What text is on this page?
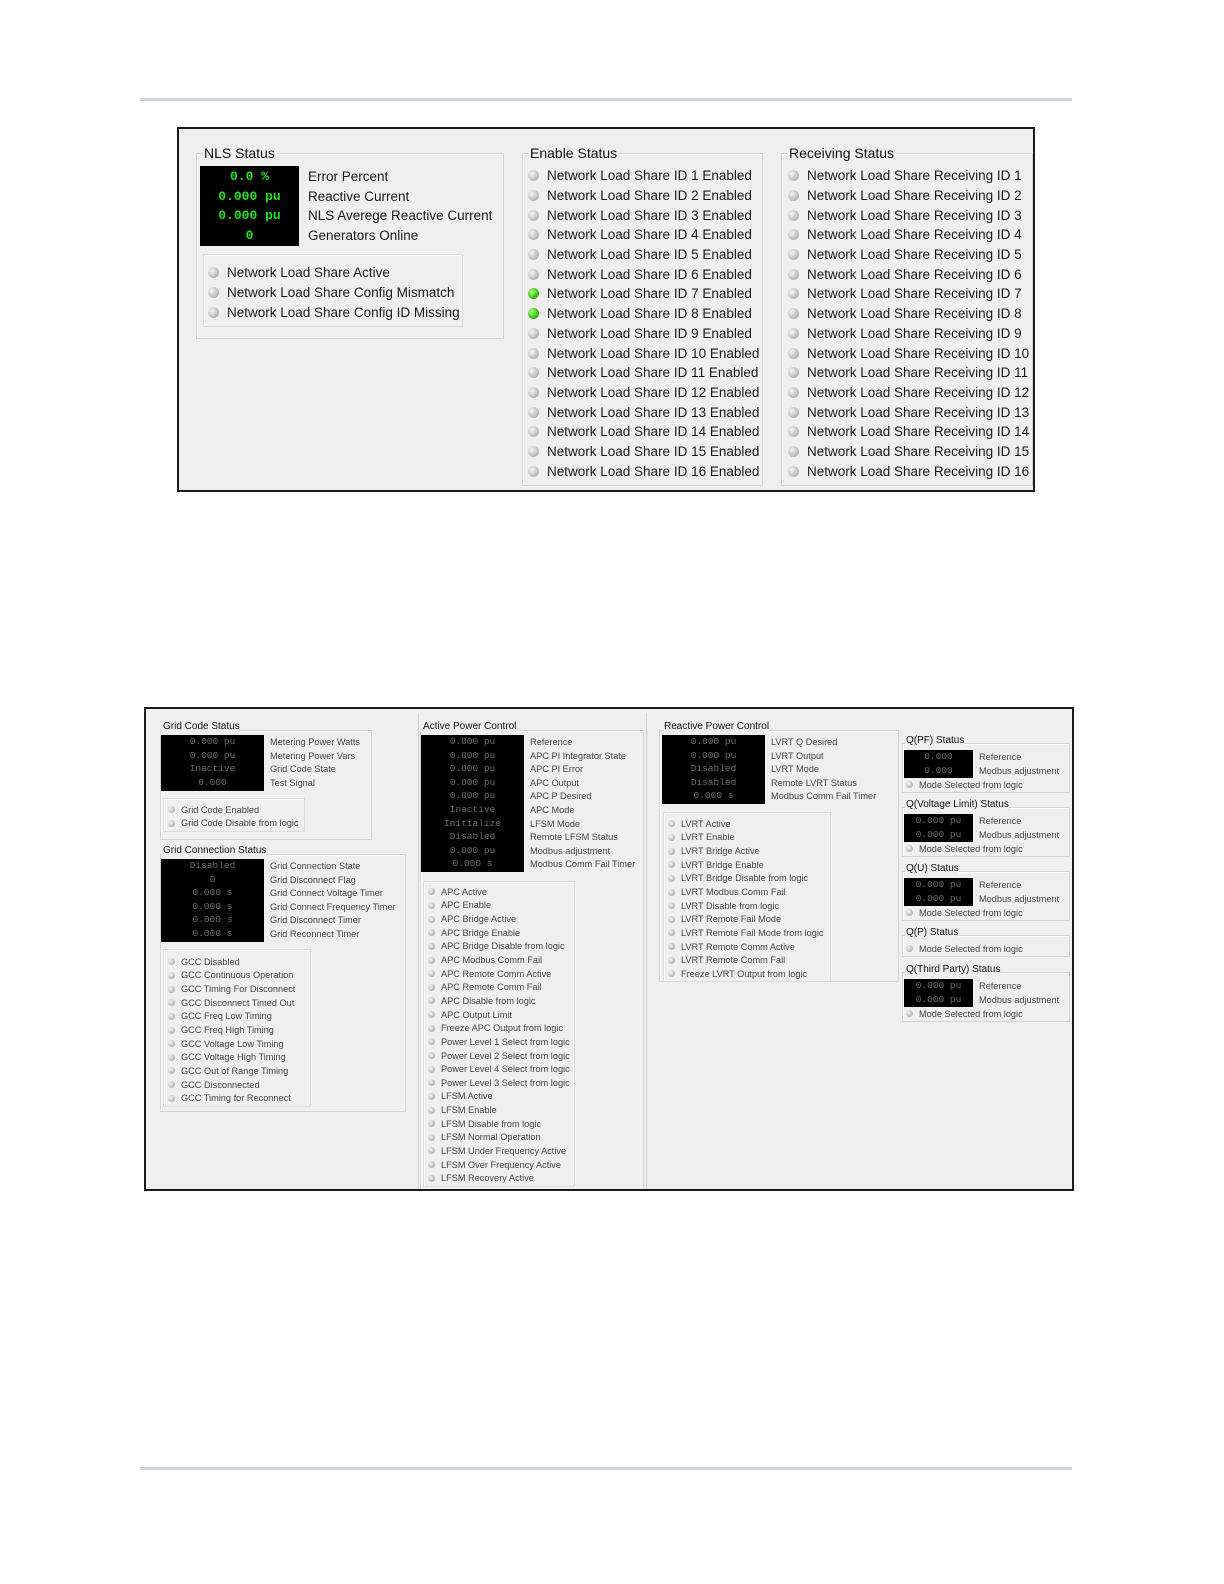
NLS Status
0.0 %
0.000 pu
0.000 pu
0
Error Percent
Reactive Current
NLS Averege Reactive Current
Generators Online
Network Load Share Active
Network Load Share Config Mismatch
Network Load Share Config ID Missing
Enable Status
Network Load Share ID 1 Enabled
Network Load Share ID 2 Enabled
Network Load Share ID 3 Enabled
Network Load Share ID 4 Enabled
Network Load Share ID 5 Enabled
Network Load Share ID 6 Enabled
Network Load Share ID 7 Enabled
Network Load Share ID 8 Enabled
Network Load Share ID 9 Enabled
Network Load Share ID 10 Enabled
Network Load Share ID 11 Enabled
Network Load Share ID 12 Enabled
Network Load Share ID 13 Enabled
Network Load Share ID 14 Enabled
Network Load Share ID 15 Enabled
Network Load Share ID 16 Enabled
Receiving Status
Network Load Share Receiving ID 1
Network Load Share Receiving ID 2
Network Load Share Receiving ID 3
Network Load Share Receiving ID 4
Network Load Share Receiving ID 5
Network Load Share Receiving ID 6
Network Load Share Receiving ID 7
Network Load Share Receiving ID 8
Network Load Share Receiving ID 9
Network Load Share Receiving ID 10
Network Load Share Receiving ID 11
Network Load Share Receiving ID 12
Network Load Share Receiving ID 13
Network Load Share Receiving ID 14
Network Load Share Receiving ID 15
Network Load Share Receiving ID 16
Grid Code Status
0.000 pu
0.000 pu
Inactive
0.000
Metering Power Watts
Metering Power Vars
Grid Code State
Test Signal
Grid Code Enabled
Grid Code Disable from logic
Grid Connection Status
Disabled
0
0.000 s
0.000 s
0.000 s
0.000 s
Grid Connection State
Grid Disconnect Flag
Grid Connect Voltage Timer
Grid Connect Frequency Timer
Grid Disconnect Timer
Grid Reconnect Timer
GCC Disabled
GCC Continuous Operation
GCC Timing For Disconnect
GCC Disconnect Timed Out
GCC Freq Low Timing
GCC Freq High Timing
GCC Voltage Low Timing
GCC Voltage High Timing
GCC Out of Range Timing
GCC Disconnected
GCC Timing for Reconnect
Active Power Control
0.000 pu
0.000 pu
0.000 pu
0.000 pu
0.000 pu
Inactive
Initialize
Disabled
0.000 pu
0.000 s
Reference
APC PI Integrator State
APC PI Error
APC Output
APC P Desired
APC Mode
LFSM Mode
Remote LFSM Status
Modbus adjustment
Modbus Comm Fail Timer
APC Active
APC Enable
APC Bridge Active
APC Bridge Enable
APC Bridge Disable from logic
APC Modbus Comm Fail
APC Remote Comm Active
APC Remote Comm Fail
APC Disable from logic
APC Output Limit
Freeze APC Output from logic
Power Level 1 Select from logic
Power Level 2 Select from logic
Power Level 4 Select from logic
Power Level 3 Select from logic
LFSM Active
LFSM Enable
LFSM Disable from logic
LFSM Normal Operation
LFSM Under Frequency Active
LFSM Over Frequency Active
LFSM Recovery Active
Reactive Power Control
0.000 pu
0.000 pu
Disabled
Disabled
0.000 s
LVRT Q Desired
LVRT Output
LVRT Mode
Remote LVRT Status
Modbus Comm Fail Timer
LVRT Active
LVRT Enable
LVRT Bridge Active
LVRT Bridge Enable
LVRT Bridge Disable from logic
LVRT Modbus Comm Fail
LVRT Disable from logic
LVRT Remote Fail Mode
LVRT Remote Fail Mode from logic
LVRT Remote Comm Active
LVRT Remote Comm Fail
Freeze LVRT Output from logic
Q(PF) Status
0.000
0.000
Reference
Modbus adjustment
Mode Selected from logic
Q(Voltage Limit) Status
0.000 pu
0.000 pu
Reference
Modbus adjustment
Mode Selected from logic
Q(U) Status
0.000 pu
0.000 pu
Reference
Modbus adjustment
Mode Selected from logic
Q(P) Status
Mode Selected from logic
Q(Third Party) Status
0.000 pu
0.000 pu
Reference
Modbus adjustment
Mode Selected from logic
